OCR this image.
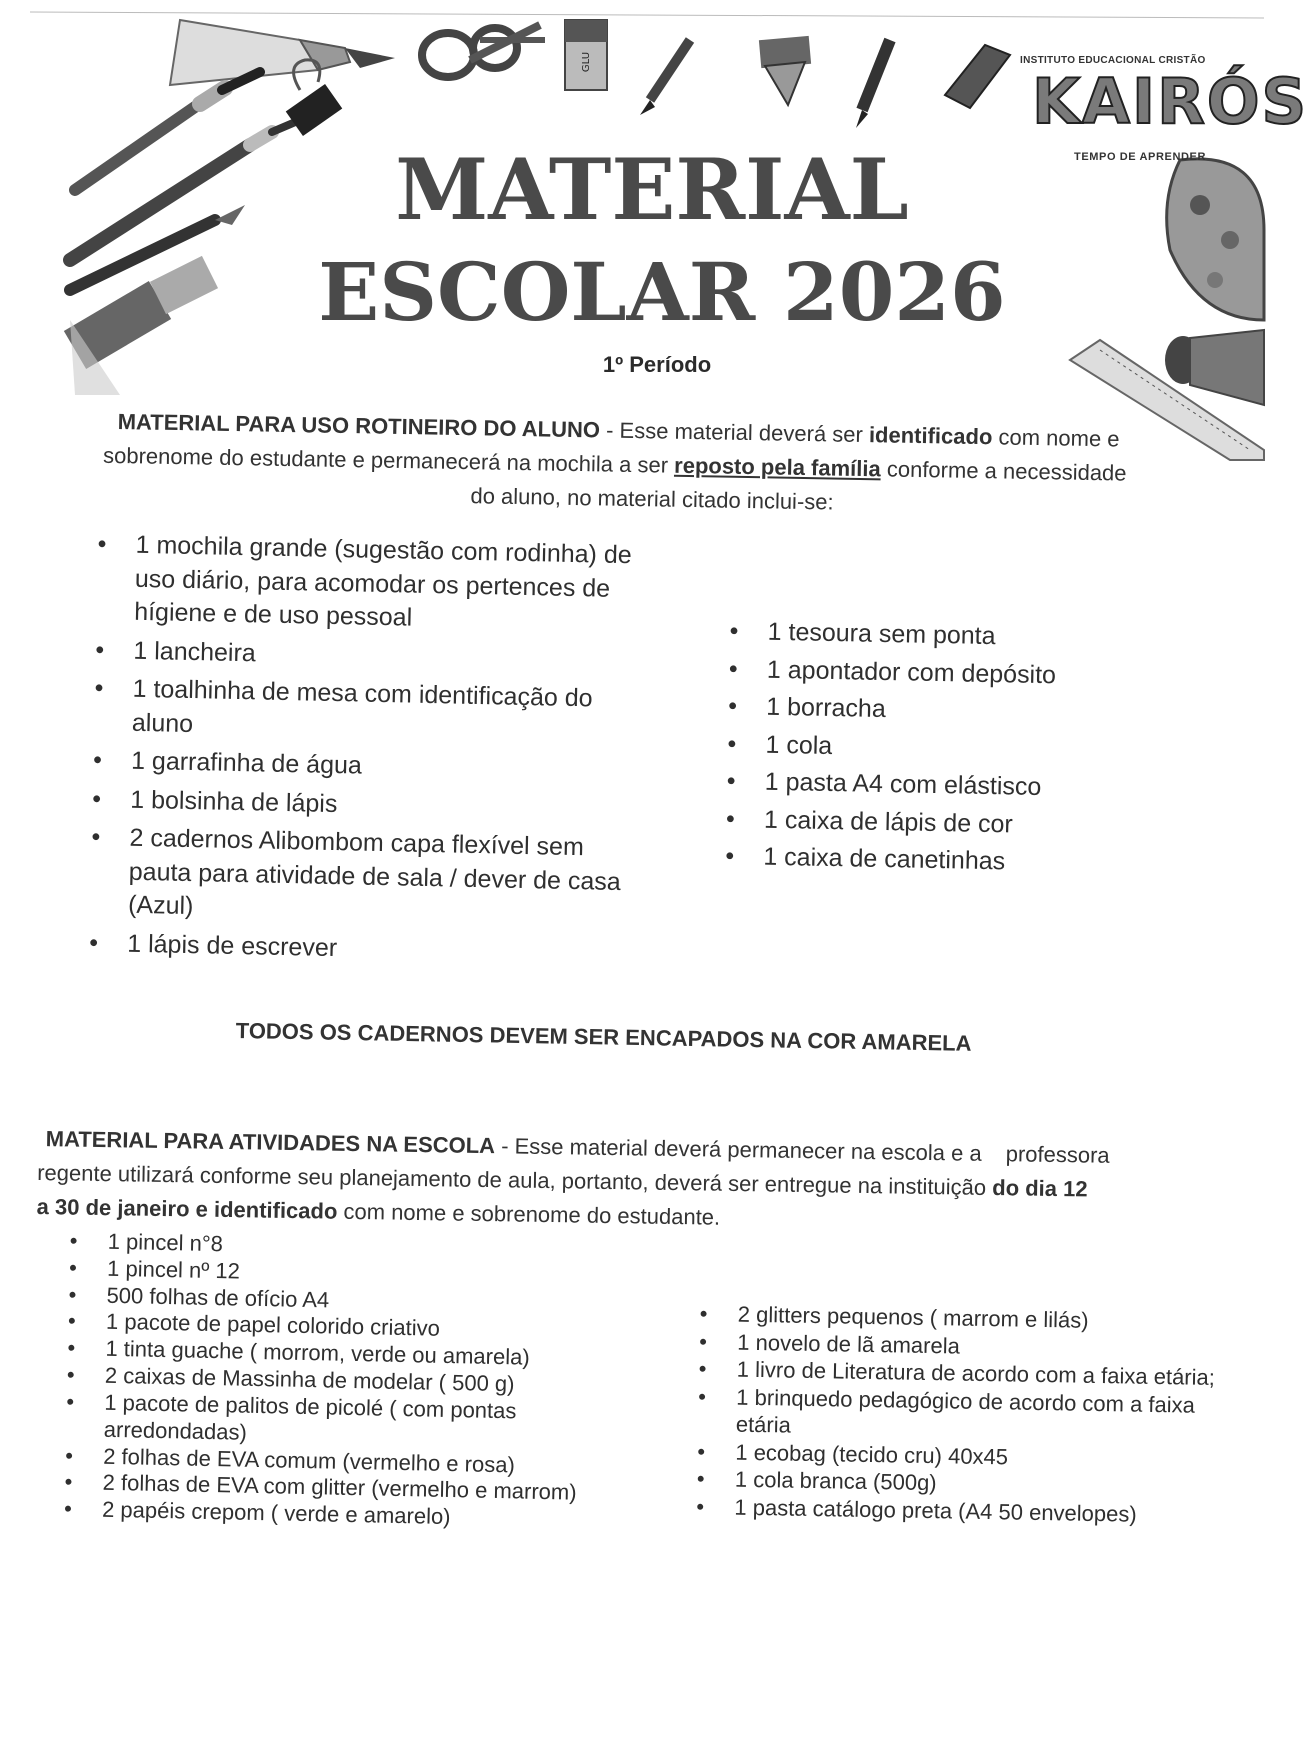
GLU	INSTITUTO EDUCACIONAL CRISTÃO
KAIRÓS
TEMPO DE APRENDER
MATERIAL
ESCOLAR 2026
1º Período
MATERIAL PARA USO ROTINEIRO DO ALUNO - Esse material deverá ser identificado com nome e
sobrenome do estudante e permanecerá na mochila a ser reposto pela família conforme a necessidade
do aluno, no material citado inclui-se:
• 1 mochila grande (sugestão com rodinha) de uso diário, para acomodar os pertences de hígiene e de uso pessoal
• 1 lancheira
• 1 toalhinha de mesa com identificação do aluno
• 1 garrafinha de água
• 1 bolsinha de lápis
• 2 cadernos Alibombom capa flexível sem pauta para atividade de sala / dever de casa (Azul)
• 1 lápis de escrever
• 1 tesoura sem ponta
• 1 apontador com depósito
• 1 borracha
• 1 cola
• 1 pasta A4 com elástisco
• 1 caixa de lápis de cor
• 1 caixa de canetinhas
TODOS OS CADERNOS DEVEM SER ENCAPADOS NA COR AMARELA
MATERIAL PARA ATIVIDADES NA ESCOLA - Esse material deverá permanecer na escola e a professora
regente utilizará conforme seu planejamento de aula, portanto, deverá ser entregue na instituição do dia 12
a 30 de janeiro e identificado com nome e sobrenome do estudante.
• 1 pincel n°8
• 1 pincel nº 12
• 500 folhas de ofício A4
• 1 pacote de papel colorido criativo
• 1 tinta guache ( morrom, verde ou amarela)
• 2 caixas de Massinha de modelar ( 500 g)
• 1 pacote de palitos de picolé ( com pontas arredondadas)
• 2 folhas de EVA comum (vermelho e rosa)
• 2 folhas de EVA com glitter (vermelho e marrom)
• 2 papéis crepom ( verde e amarelo)
• 2 glitters pequenos ( marrom e lilás)
• 1 novelo de lã amarela
• 1 livro de Literatura de acordo com a faixa etária;
• 1 brinquedo pedagógico de acordo com a faixa etária
• 1 ecobag (tecido cru) 40x45
• 1 cola branca (500g)
• 1 pasta catálogo preta (A4 50 envelopes)
